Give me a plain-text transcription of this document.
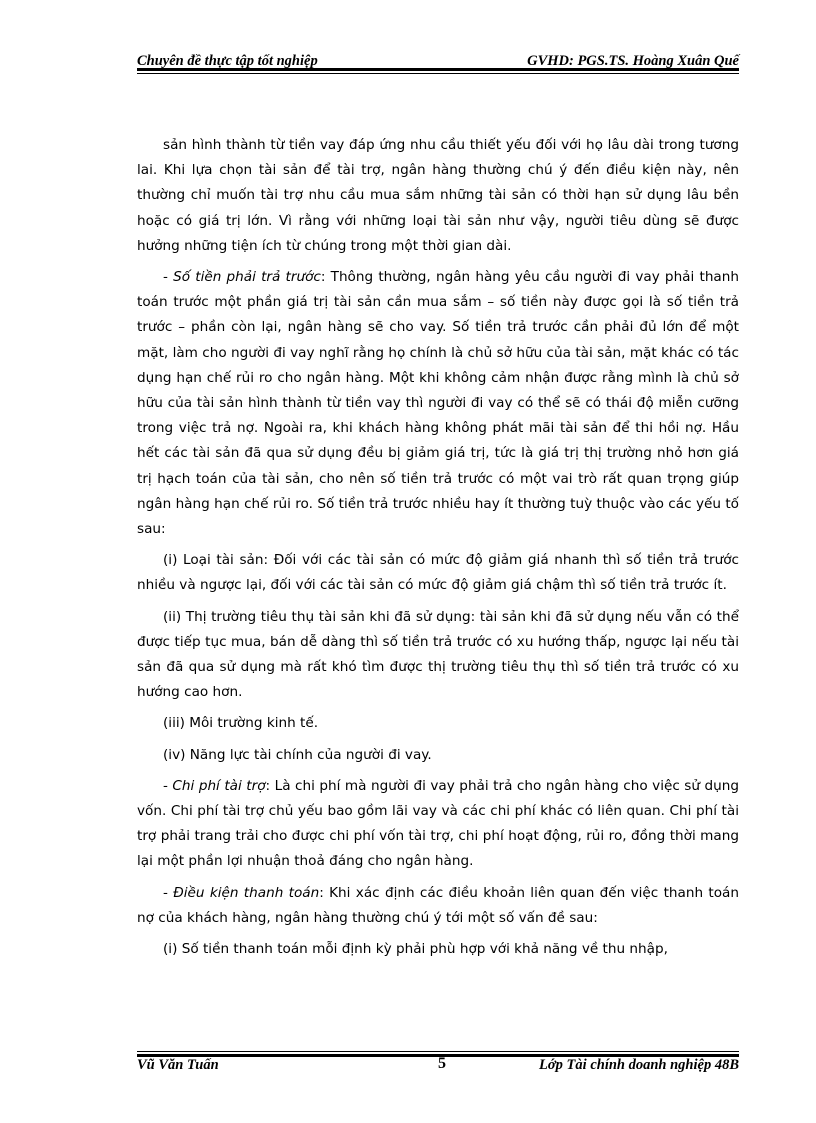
Chuyên đề thực tập tốt nghiệp	GVHD: PGS.TS. Hoàng Xuân Quế

sản hình thành từ tiền vay đáp ứng nhu cầu thiết yếu đối với họ lâu dài trong tương lai. Khi lựa chọn tài sản để tài trợ, ngân hàng thường chú ý đến điều kiện này, nên thường chỉ muốn tài trợ nhu cầu mua sắm những tài sản có thời hạn sử dụng lâu bền hoặc có giá trị lớn. Vì rằng với những loại tài sản như vậy, người tiêu dùng sẽ được hưởng những tiện ích từ chúng trong một thời gian dài.

- Số tiền phải trả trước: Thông thường, ngân hàng yêu cầu người đi vay phải thanh toán trước một phần giá trị tài sản cần mua sắm – số tiền này được gọi là số tiền trả trước – phần còn lại, ngân hàng sẽ cho vay. Số tiền trả trước cần phải đủ lớn để một mặt, làm cho người đi vay nghĩ rằng họ chính là chủ sở hữu của tài sản, mặt khác có tác dụng hạn chế rủi ro cho ngân hàng. Một khi không cảm nhận được rằng mình là chủ sở hữu của tài sản hình thành từ tiền vay thì người đi vay có thể sẽ có thái độ miễn cưỡng trong việc trả nợ. Ngoài ra, khi khách hàng không phát mãi tài sản để thi hồi nợ. Hầu hết các tài sản đã qua sử dụng đều bị giảm giá trị, tức là giá trị thị trường nhỏ hơn giá trị hạch toán của tài sản, cho nên số tiền trả trước có một vai trò rất quan trọng giúp ngân hàng hạn chế rủi ro. Số tiền trả trước nhiều hay ít thường tuỳ thuộc vào các yếu tố sau:

(i) Loại tài sản: Đối với các tài sản có mức độ giảm giá nhanh thì số tiền trả trước nhiều và ngược lại, đối với các tài sản có mức độ giảm giá chậm thì số tiền trả trước ít.

(ii) Thị trường tiêu thụ tài sản khi đã sử dụng: tài sản khi đã sử dụng nếu vẫn có thể được tiếp tục mua, bán dễ dàng thì số tiền trả trước có xu hướng thấp, ngược lại nếu tài sản đã qua sử dụng mà rất khó tìm được thị trường tiêu thụ thì số tiền trả trước có xu hướng cao hơn.

(iii) Môi trường kinh tế.

(iv) Năng lực tài chính của người đi vay.

- Chi phí tài trợ: Là chi phí mà người đi vay phải trả cho ngân hàng cho việc sử dụng vốn. Chi phí tài trợ chủ yếu bao gồm lãi vay và các chi phí khác có liên quan. Chi phí tài trợ phải trang trải cho được chi phí vốn tài trợ, chi phí hoạt động, rủi ro, đồng thời mang lại một phần lợi nhuận thoả đáng cho ngân hàng.

- Điều kiện thanh toán: Khi xác định các điều khoản liên quan đến việc thanh toán nợ của khách hàng, ngân hàng thường chú ý tới một số vấn đề sau:

(i) Số tiền thanh toán mỗi định kỳ phải phù hợp với khả năng về thu nhập,

Vũ Văn Tuấn	5	Lớp Tài chính doanh nghiệp 48B
